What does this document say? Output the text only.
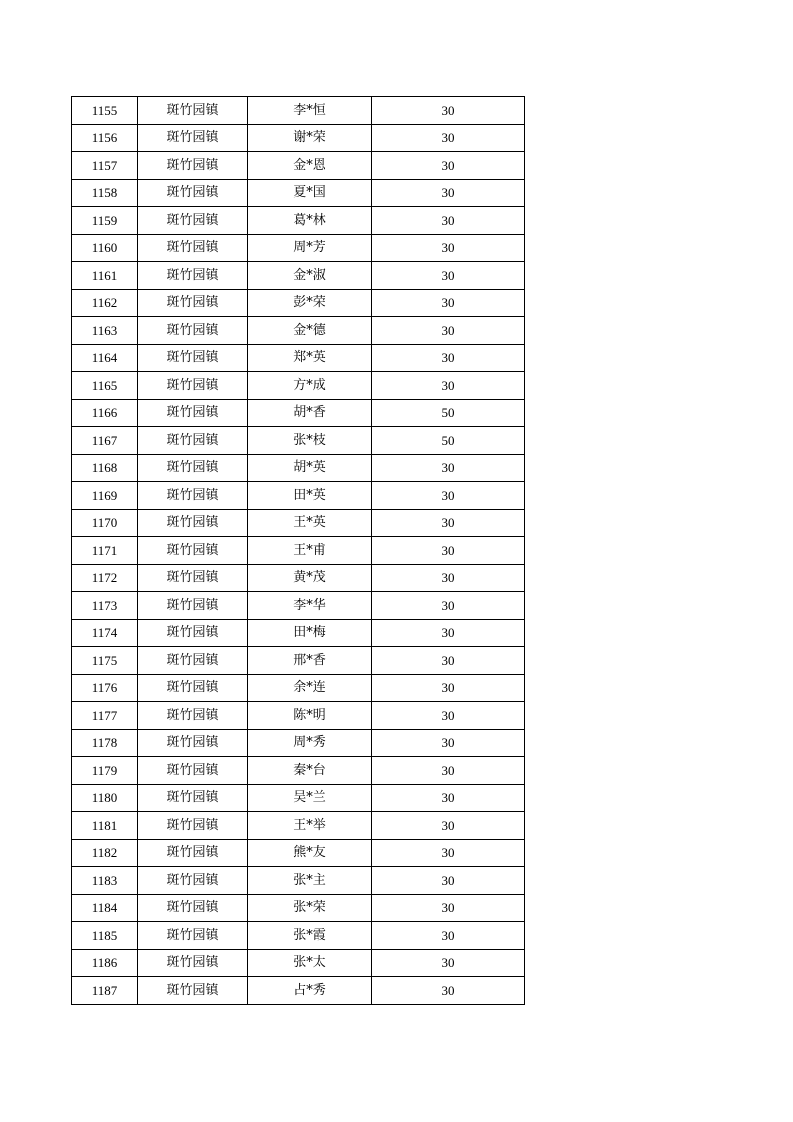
1155	斑竹园镇	李*恒	30
1156	斑竹园镇	谢*荣	30
1157	斑竹园镇	金*恩	30
1158	斑竹园镇	夏*国	30
1159	斑竹园镇	葛*林	30
1160	斑竹园镇	周*芳	30
1161	斑竹园镇	金*淑	30
1162	斑竹园镇	彭*荣	30
1163	斑竹园镇	金*德	30
1164	斑竹园镇	郑*英	30
1165	斑竹园镇	方*成	30
1166	斑竹园镇	胡*香	50
1167	斑竹园镇	张*枝	50
1168	斑竹园镇	胡*英	30
1169	斑竹园镇	田*英	30
1170	斑竹园镇	王*英	30
1171	斑竹园镇	王*甫	30
1172	斑竹园镇	黄*茂	30
1173	斑竹园镇	李*华	30
1174	斑竹园镇	田*梅	30
1175	斑竹园镇	邢*香	30
1176	斑竹园镇	余*连	30
1177	斑竹园镇	陈*明	30
1178	斑竹园镇	周*秀	30
1179	斑竹园镇	秦*台	30
1180	斑竹园镇	吴*兰	30
1181	斑竹园镇	王*举	30
1182	斑竹园镇	熊*友	30
1183	斑竹园镇	张*主	30
1184	斑竹园镇	张*荣	30
1185	斑竹园镇	张*霞	30
1186	斑竹园镇	张*太	30
1187	斑竹园镇	占*秀	30
